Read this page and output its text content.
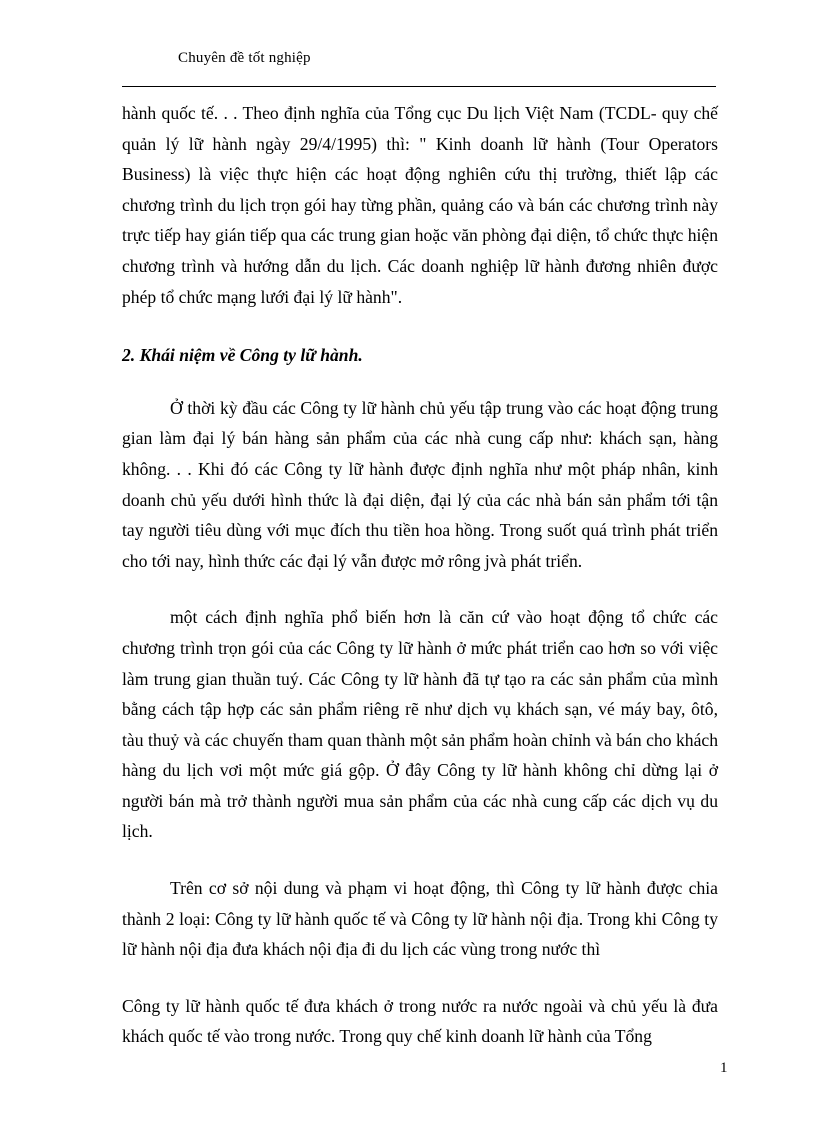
Chuyên đề tốt nghiệp

hành quốc tế. . . Theo định nghĩa của Tổng cục Du lịch Việt Nam (TCDL- quy chế quản lý lữ hành ngày 29/4/1995) thì: " Kinh doanh lữ hành (Tour Operators Business) là việc thực hiện các hoạt động nghiên cứu thị trường, thiết lập các chương trình du lịch trọn gói hay từng phần, quảng cáo và bán các chương trình này trực tiếp hay gián tiếp qua các trung gian hoặc văn phòng đại diện, tổ chức thực hiện chương trình và hướng dẫn du lịch. Các doanh nghiệp lữ hành đương nhiên được phép tổ chức mạng lưới đại lý lữ hành".

2. Khái niệm về Công ty lữ hành.

Ở thời kỳ đầu các Công ty lữ hành chủ yếu tập trung vào các hoạt động trung gian làm đại lý bán hàng sản phẩm của các nhà cung cấp như: khách sạn, hàng không. . . Khi đó các Công ty lữ hành được định nghĩa như một pháp nhân, kinh doanh chủ yếu dưới hình thức là đại diện, đại lý của các nhà bán sản phẩm tới tận tay người tiêu dùng với mục đích thu tiền hoa hồng. Trong suốt quá trình phát triển cho tới nay, hình thức các đại lý vẫn được mở rông jvà phát triển.

một cách định nghĩa phổ biến hơn là căn cứ vào hoạt động tổ chức các chương trình trọn gói của các Công ty lữ hành ở mức phát triển cao hơn so với việc làm trung gian thuần tuý. Các Công ty lữ hành đã tự tạo ra các sản phẩm của mình bằng cách tập hợp các sản phẩm riêng rẽ như dịch vụ khách sạn, vé máy bay, ôtô, tàu thuỷ và các chuyến tham quan thành một sản phẩm hoàn chỉnh và bán cho khách hàng du lịch vơi một mức giá gộp. Ở đây Công ty lữ hành không chỉ dừng lại ở người bán mà trở thành người mua sản phẩm của các nhà cung cấp các dịch vụ du lịch.

Trên cơ sở nội dung và phạm vi hoạt động, thì Công ty lữ hành được chia thành 2 loại: Công ty lữ hành quốc tế và Công ty lữ hành nội địa. Trong khi Công ty lữ hành nội địa đưa khách nội địa đi du lịch các vùng trong nước thì

Công ty lữ hành quốc tế đưa khách ở trong nước ra nước ngoài và chủ yếu là đưa khách quốc tế vào trong nước. Trong quy chế kinh doanh lữ hành của Tổng

1
